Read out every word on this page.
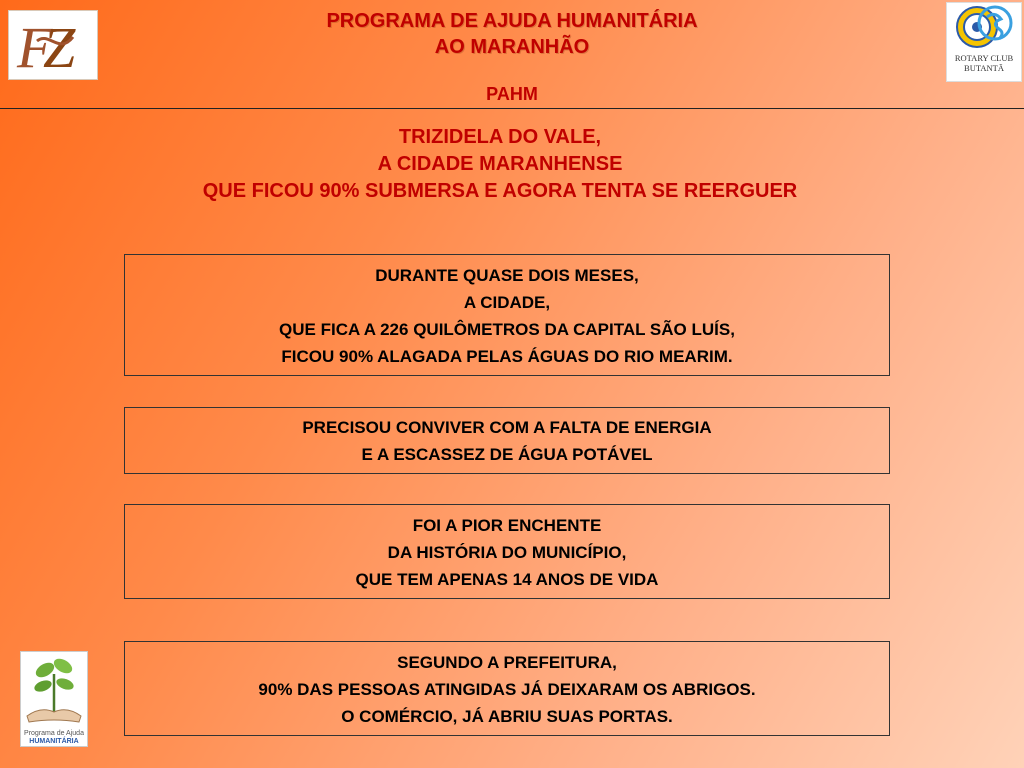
F
Z	PROGRAMA DE AJUDA HUMANITÁRIA
AO MARANHÃO
PAHM
ROTARY CLUB
BUTANTÃ
TRIZIDELA DO VALE,
A CIDADE MARANHENSE
QUE FICOU 90% SUBMERSA E AGORA TENTA SE REERGUER
DURANTE QUASE DOIS MESES,
A CIDADE,
QUE FICA A 226 QUILÔMETROS DA CAPITAL SÃO LUÍS,
FICOU 90% ALAGADA PELAS ÁGUAS DO RIO MEARIM.
PRECISOU CONVIVER COM A FALTA DE ENERGIA
E A ESCASSEZ DE ÁGUA POTÁVEL
FOI A PIOR ENCHENTE
DA HISTÓRIA DO MUNICÍPIO,
QUE TEM APENAS 14 ANOS DE VIDA
SEGUNDO A PREFEITURA,
90% DAS PESSOAS ATINGIDAS JÁ DEIXARAM OS ABRIGOS.
O COMÉRCIO, JÁ ABRIU SUAS PORTAS.
Programa de Ajuda
HUMANITÁRIA
